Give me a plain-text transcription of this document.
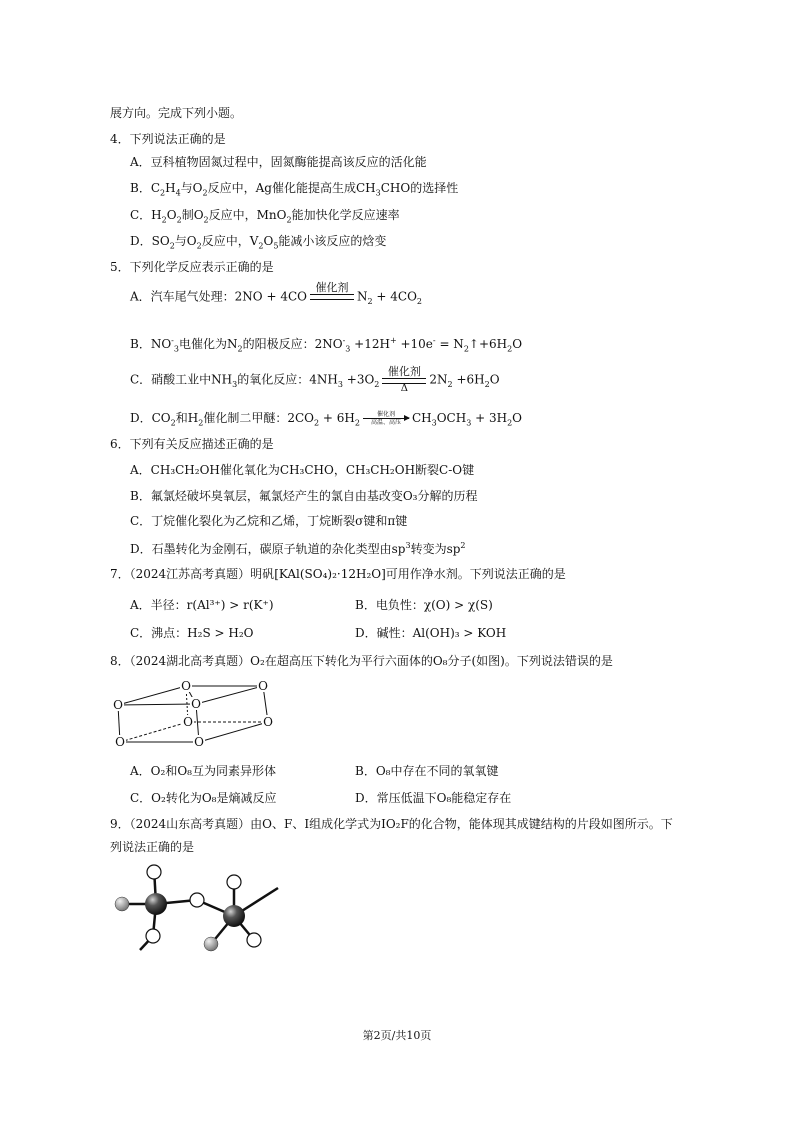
展方向。完成下列小题。
4．下列说法正确的是
A．豆科植物固氮过程中，固氮酶能提高该反应的活化能
B．$C_2H_4$与$O_2$反应中，Ag催化能提高生成$CH_3CHO$的选择性
C．$H_2O_2$制$O_2$反应中，MnO$_2$能加快化学反应速率
D．$SO_2$与$O_2$反应中，$V_2O_5$能减小该反应的焓变
5．下列化学反应表示正确的是
A．汽车尾气处理：2NO + 4CO
催化剂
$N_2 + 4CO_2$
B．$NO^-_3$电催化为$N_2$的阳极反应：$2NO^-_3 +12H^+ +10e^-$ = $N_2↑+6H_2O$
C．硝酸工业中$NH_3$的氧化反应：$4NH_3 +3O_2$
催化剂
Δ
$2N_2 +6H_2O$
D．$CO_2$和$H_2$催化制二甲醚：$2CO_2 + 6H_2$
催化剂
高温、高压 $CH_3OCH_3 + 3H_2O$
6．下列有关反应描述正确的是
A．CH₃CH₂OH催化氧化为CH₃CHO，CH₃CH₂OH断裂C-O键
B．氟氯烃破坏臭氧层，氟氯烃产生的氯自由基改变O₃分解的历程
C．丁烷催化裂化为乙烷和乙烯，丁烷断裂σ键和π键
D．石墨转化为金刚石，碳原子轨道的杂化类型由$sp^3$转变为$sp^2$
7．（2024江苏高考真题）明矾[KAl(SO₄)₂·12H₂O]可用作净水剂。下列说法正确的是
A．半径：r(Al³⁺) > r(K⁺)	B．电负性：χ(O) > χ(S)
C．沸点：H₂S > H₂O	D．碱性：Al(OH)₃ > KOH
8．（2024湖北高考真题）O₂在超高压下转化为平行六面体的O₈分子(如图)。下列说法错误的是
O	O
O	O
O	O
O	O
A．O₂和O₈互为同素异形体	B．O₈中存在不同的氧氧键
C．O₂转化为O₈是熵减反应	D．常压低温下O₈能稳定存在
9．（2024山东高考真题）由O、F、I组成化学式为IO₂F的化合物，能体现其成键结构的片段如图所示。下
列说法正确的是
第2页/共10页
